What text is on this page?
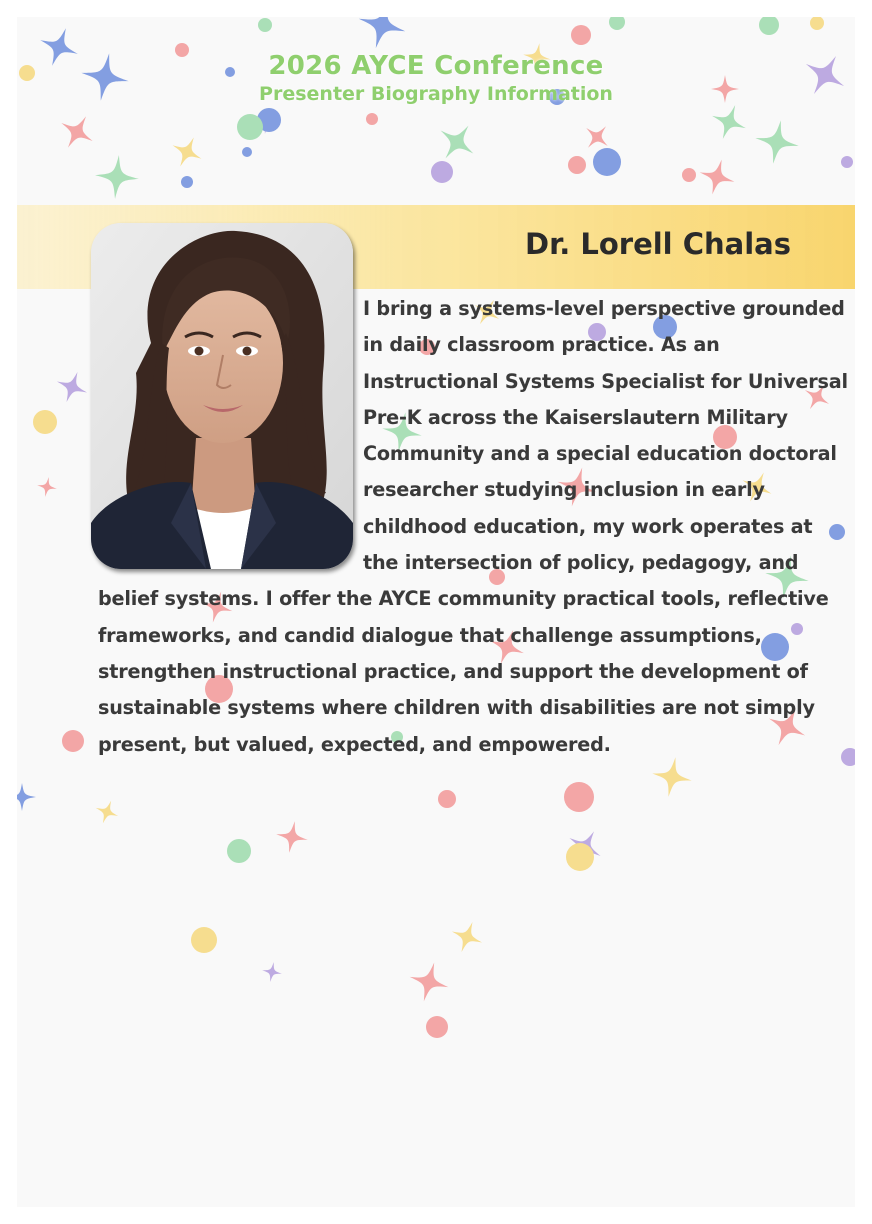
2026 AYCE Conference
Presenter Biography Information
Dr. Lorell Chalas
I bring a systems-level perspective grounded in daily classroom practice. As an Instructional Systems Specialist for Universal Pre-K across the Kaiserslautern Military Community and a special education doctoral researcher studying inclusion in early childhood education, my work operates at the intersection of policy, pedagogy, and belief systems. I offer the AYCE community practical tools, reflective frameworks, and candid dialogue that challenge assumptions, strengthen instructional practice, and support the development of sustainable systems where children with disabilities are not simply present, but valued, expected, and empowered.
